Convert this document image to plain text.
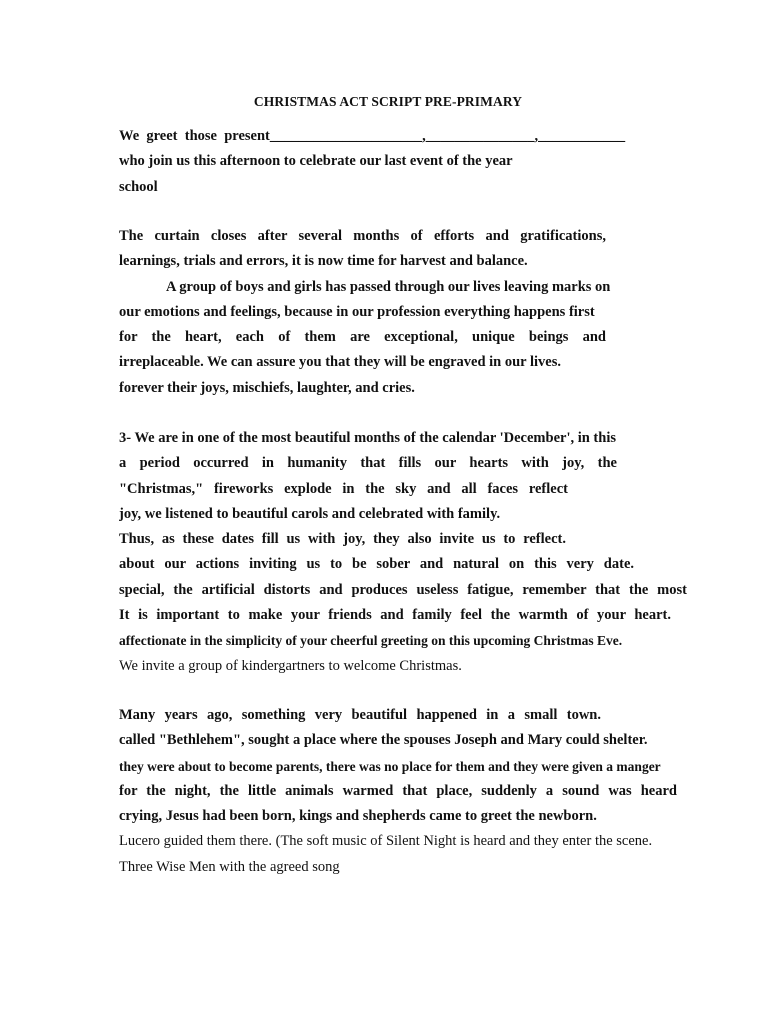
CHRISTMAS ACT SCRIPT PRE-PRIMARY
We  greet  those  present_____________________,_______________,____________
who join us this afternoon to celebrate our last event of the year
school
The curtain closes after several months of efforts and gratifications,
learnings, trials and errors, it is now time for harvest and balance.
A group of boys and girls has passed through our lives leaving marks on
our emotions and feelings, because in our profession everything happens first
for the heart, each of them are exceptional, unique beings and
irreplaceable. We can assure you that they will be engraved in our lives.
forever their joys, mischiefs, laughter, and cries.
3- We are in one of the most beautiful months of the calendar 'December', in this
a period occurred in humanity that fills our hearts with joy, the
"Christmas," fireworks explode in the sky and all faces reflect
joy, we listened to beautiful carols and celebrated with family.
Thus, as these dates fill us with joy, they also invite us to reflect.
about our actions inviting us to be sober and natural on this very date.
special, the artificial distorts and produces useless fatigue, remember that the most
It is important to make your friends and family feel the warmth of your heart.
affectionate in the simplicity of your cheerful greeting on this upcoming Christmas Eve.
We invite a group of kindergartners to welcome Christmas.
Many years ago, something very beautiful happened in a small town.
called "Bethlehem", sought a place where the spouses Joseph and Mary could shelter.
they were about to become parents, there was no place for them and they were given a manger
for the night, the little animals warmed that place, suddenly a sound was heard
crying, Jesus had been born, kings and shepherds came to greet the newborn.
Lucero guided them there. (The soft music of Silent Night is heard and they enter the scene.
Three Wise Men with the agreed song
